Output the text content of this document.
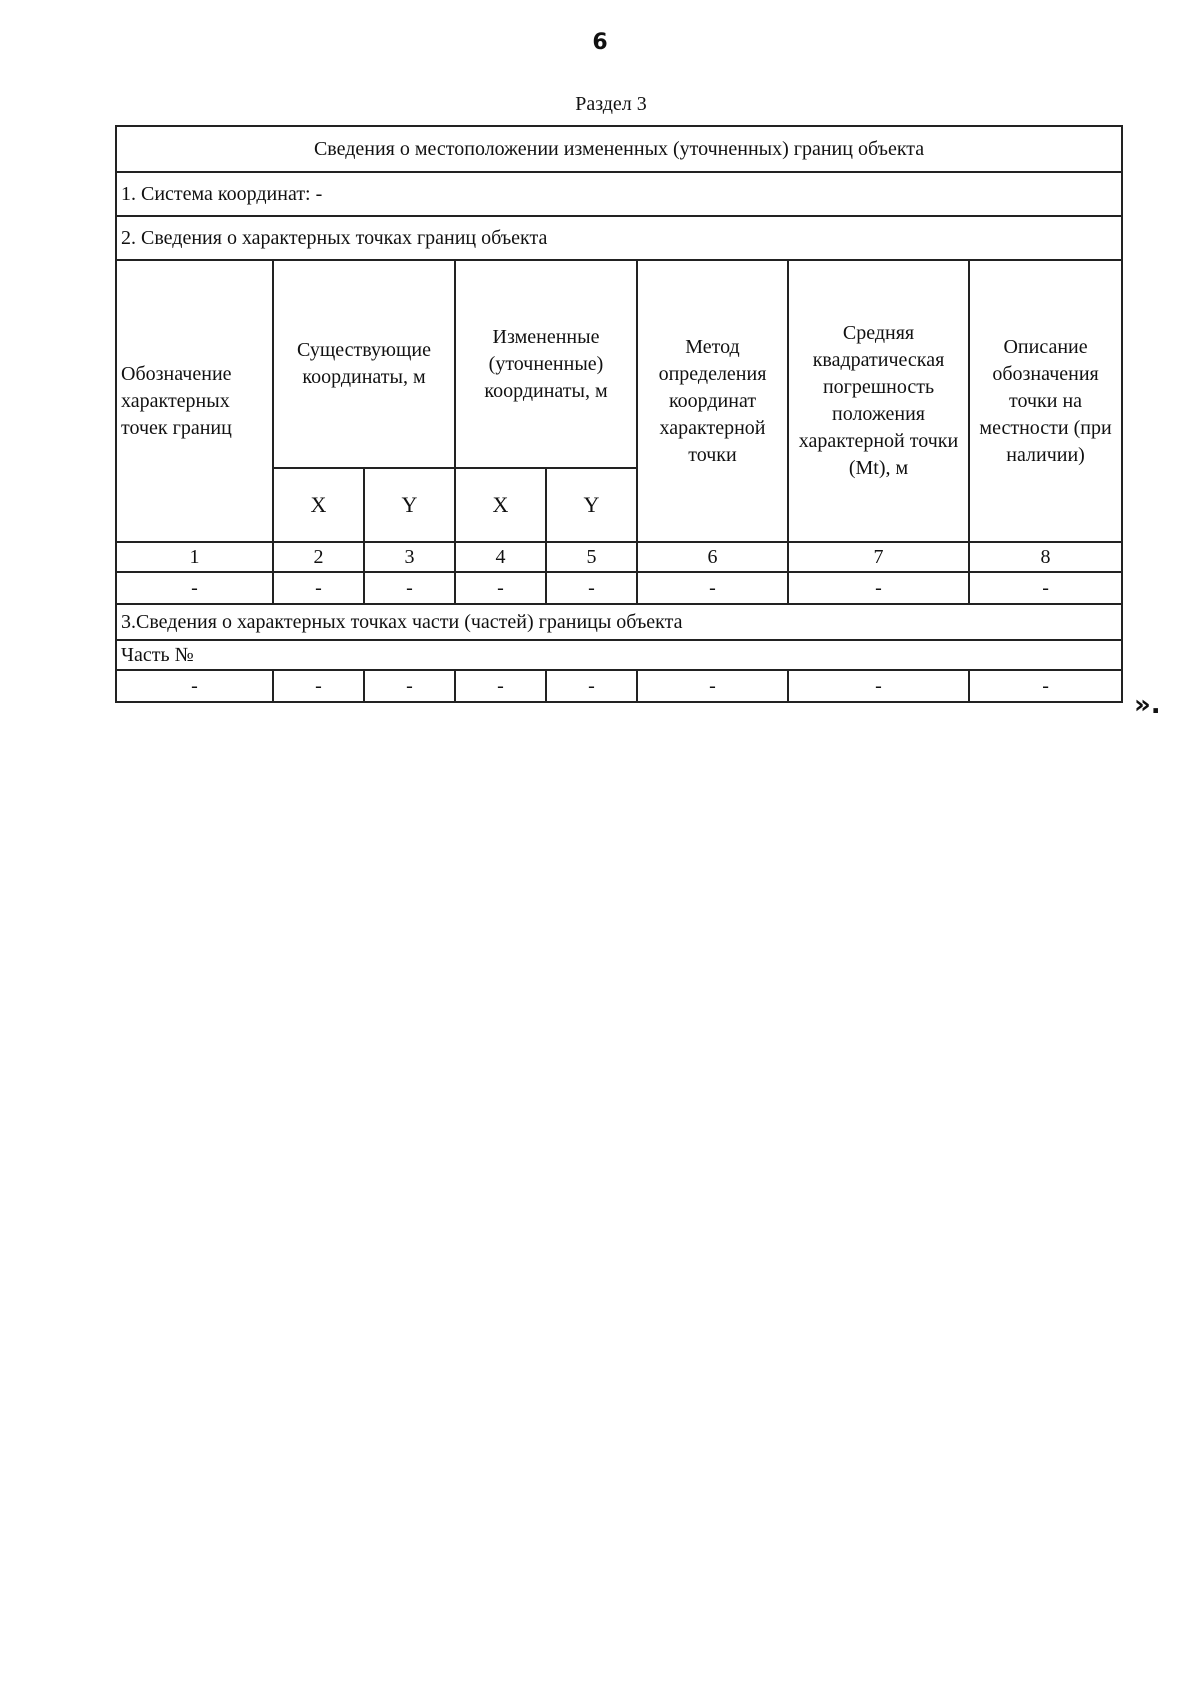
6
Раздел 3
Сведения о местоположении измененных (уточненных) границ объекта							
1. Система координат: -							
2. Сведения о характерных точках границ объекта							
Обозначение характерных точек границ	Существующие координаты, м		Измененные (уточненные) координаты, м		Метод определения координат характерной точки	Средняя квадратическая погрешность положения характерной точки (Mt), м	Описание обозначения точки на местности (при наличии)
	X	Y	X	Y			
1	2	3	4	5	6	7	8
-	-	-	-	-	-	-	-
3.Сведения о характерных точках части (частей) границы объекта							
Часть №							
-	-	-	-	-	-	-	-
».
